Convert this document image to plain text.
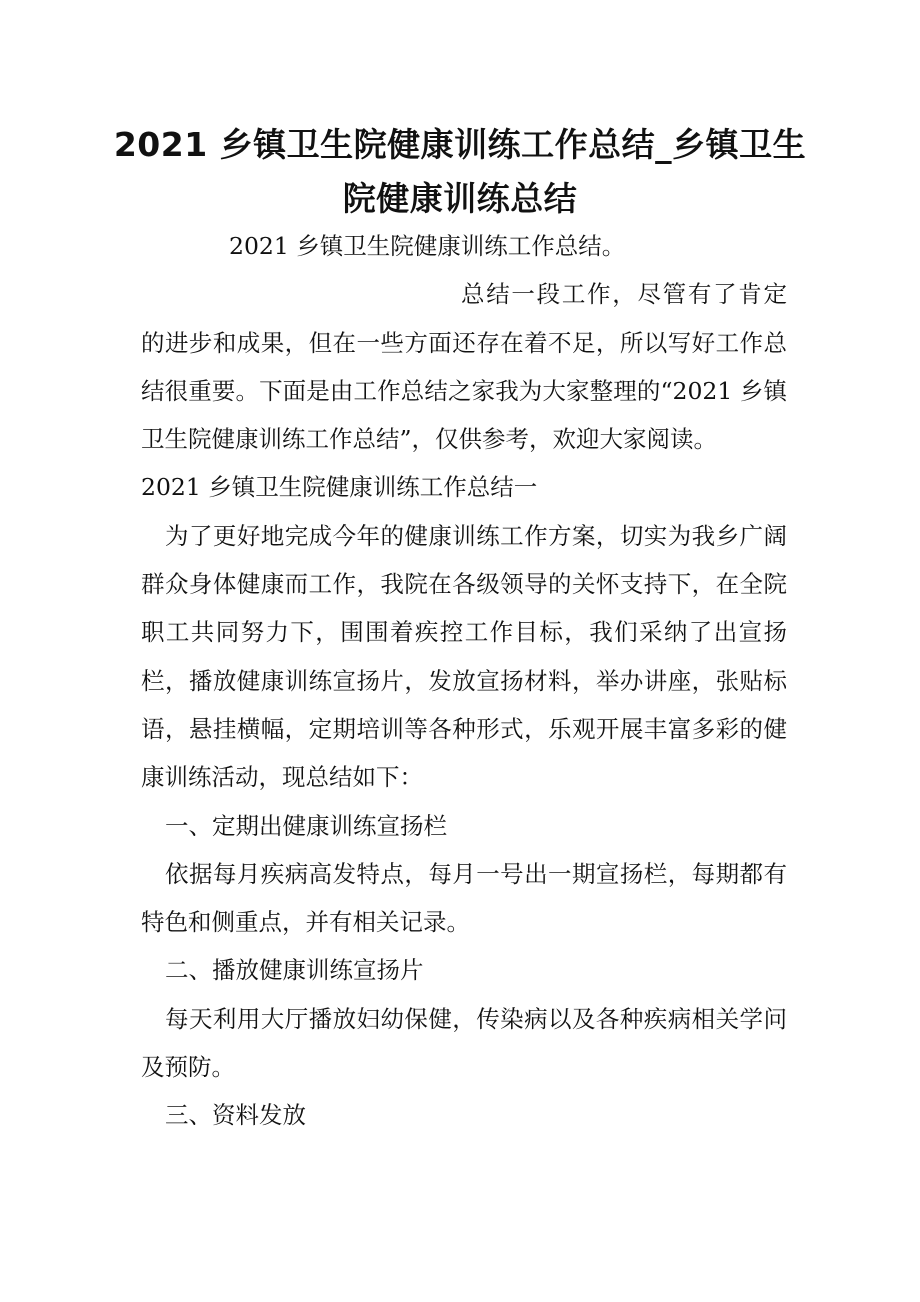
2021 乡镇卫生院健康训练工作总结_乡镇卫生院健康训练总结

2021 乡镇卫生院健康训练工作总结。

总结一段工作，尽管有了肯定的进步和成果，但在一些方面还存在着不足，所以写好工作总结很重要。下面是由工作总结之家我为大家整理的“2021 乡镇卫生院健康训练工作总结”，仅供参考，欢迎大家阅读。

2021 乡镇卫生院健康训练工作总结一

为了更好地完成今年的健康训练工作方案，切实为我乡广阔群众身体健康而工作，我院在各级领导的关怀支持下，在全院职工共同努力下，围围着疾控工作目标，我们采纳了出宣扬栏，播放健康训练宣扬片，发放宣扬材料，举办讲座，张贴标语，悬挂横幅，定期培训等各种形式，乐观开展丰富多彩的健康训练活动，现总结如下：

一、定期出健康训练宣扬栏

依据每月疾病高发特点，每月一号出一期宣扬栏，每期都有特色和侧重点，并有相关记录。

二、播放健康训练宣扬片

每天利用大厅播放妇幼保健，传染病以及各种疾病相关学问及预防。

三、资料发放
